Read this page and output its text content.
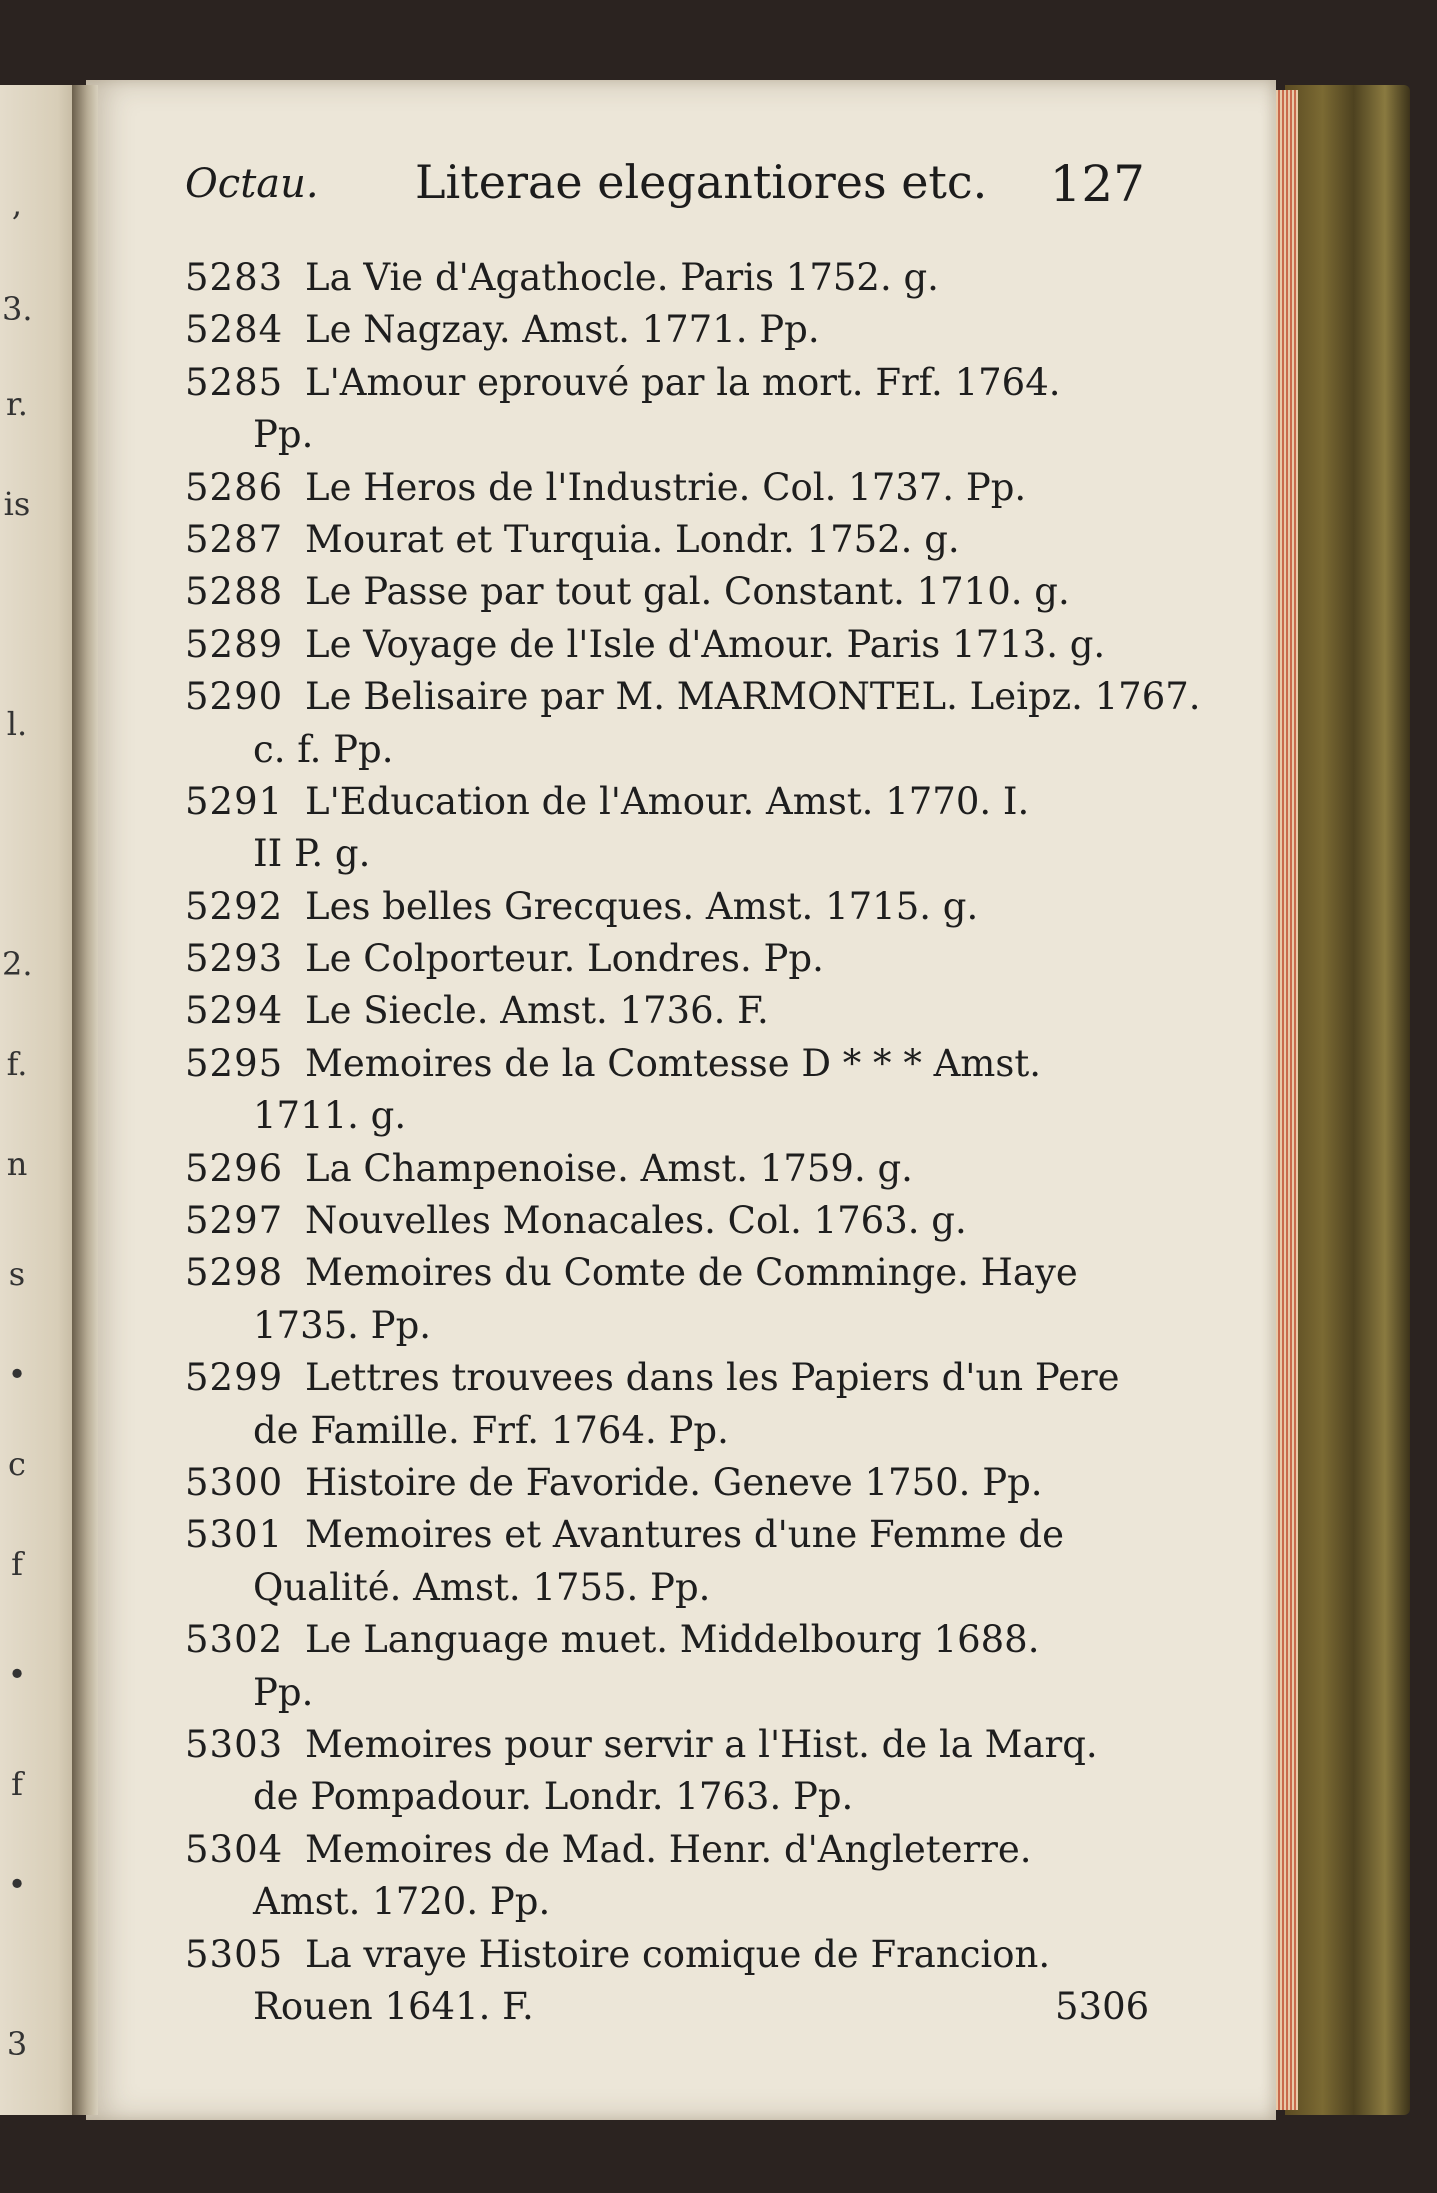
,
3.
r.
is
l.
2.
f.
n
s
•
c
f
•
f
•
3
Octau. Literae elegantiores etc. 127
5283 La Vie d'Agathocle. Paris 1752. g.
5284 Le Nagzay. Amst. 1771. Pp.
5285 L'Amour eprouvé par la mort. Frf. 1764.
Pp.
5286 Le Heros de l'Industrie. Col. 1737. Pp.
5287 Mourat et Turquia. Londr. 1752. g.
5288 Le Passe par tout gal. Constant. 1710. g.
5289 Le Voyage de l'Isle d'Amour. Paris 1713. g.
5290 Le Belisaire par M. MARMONTEL. Leipz. 1767.
c. f. Pp.
5291 L'Education de l'Amour. Amst. 1770. I.
II P. g.
5292 Les belles Grecques. Amst. 1715. g.
5293 Le Colporteur. Londres. Pp.
5294 Le Siecle. Amst. 1736. F.
5295 Memoires de la Comtesse D * * * Amst.
1711. g.
5296 La Champenoise. Amst. 1759. g.
5297 Nouvelles Monacales. Col. 1763. g.
5298 Memoires du Comte de Comminge. Haye
1735. Pp.
5299 Lettres trouvees dans les Papiers d'un Pere
de Famille. Frf. 1764. Pp.
5300 Histoire de Favoride. Geneve 1750. Pp.
5301 Memoires et Avantures d'une Femme de
Qualité. Amst. 1755. Pp.
5302 Le Language muet. Middelbourg 1688.
Pp.
5303 Memoires pour servir a l'Hist. de la Marq.
de Pompadour. Londr. 1763. Pp.
5304 Memoires de Mad. Henr. d'Angleterre.
Amst. 1720. Pp.
5305 La vraye Histoire comique de Francion.
Rouen 1641. F.	5306
